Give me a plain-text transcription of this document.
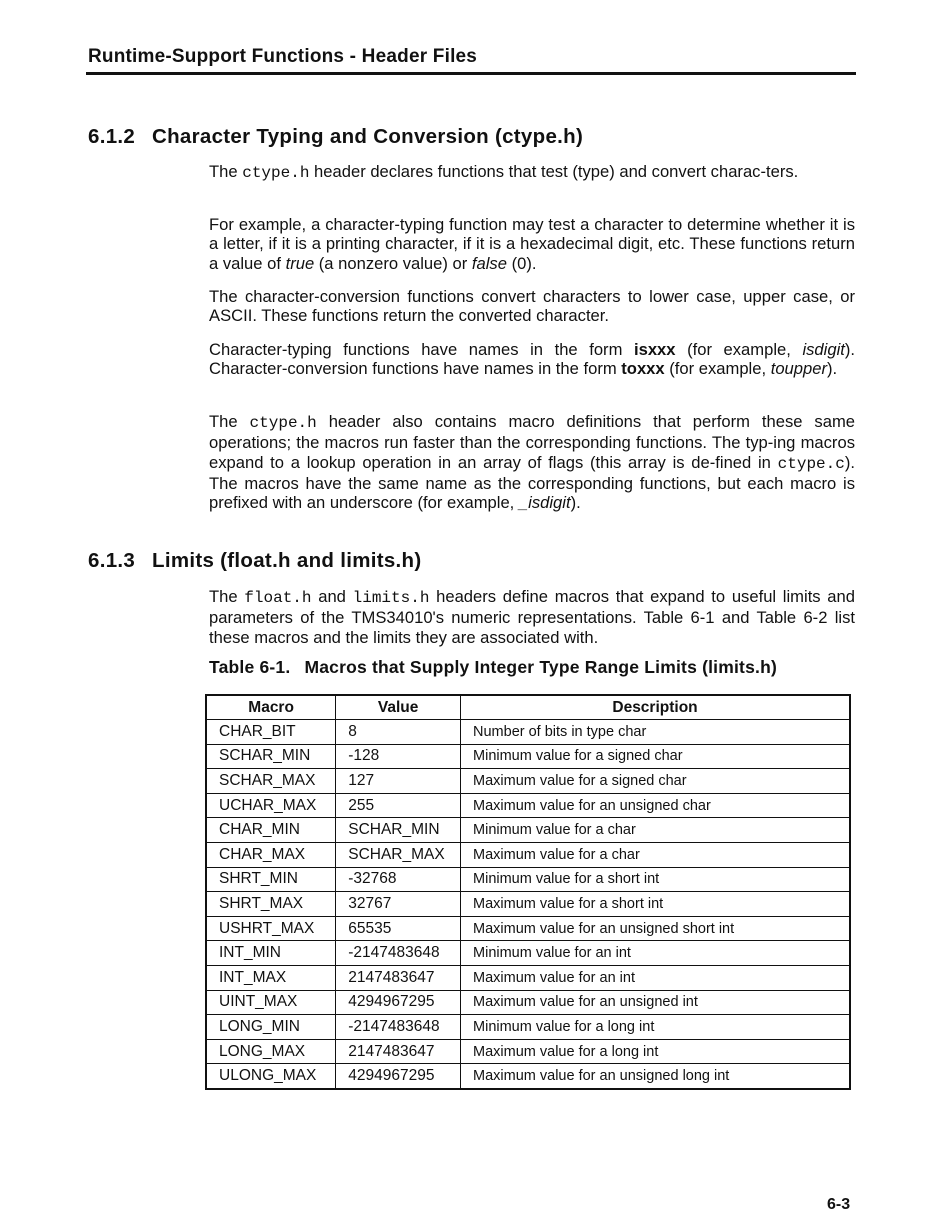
Runtime-Support Functions - Header Files
6.1.2 Character Typing and Conversion (ctype.h)

The ctype.h header declares functions that test (type) and convert charac-ters.

For example, a character-typing function may test a character to determine whether it is a letter, if it is a printing character, if it is a hexadecimal digit, etc. These functions return a value of true (a nonzero value) or false (0).

The character-conversion functions convert characters to lower case, upper case, or ASCII. These functions return the converted character.

Character-typing functions have names in the form isxxx (for example, isdigit). Character-conversion functions have names in the form toxxx (for example, toupper).

The ctype.h header also contains macro definitions that perform these same operations; the macros run faster than the corresponding functions. The typ-ing macros expand to a lookup operation in an array of flags (this array is de-fined in ctype.c). The macros have the same name as the corresponding functions, but each macro is prefixed with an underscore (for example, _isdigit).

6.1.3 Limits (float.h and limits.h)

The float.h and limits.h headers define macros that expand to useful limits and parameters of the TMS34010's numeric representations. Table 6-1 and Table 6-2 list these macros and the limits they are associated with.

Table 6-1. Macros that Supply Integer Type Range Limits (limits.h)
Macro	Value	Description
CHAR_BIT	8	Number of bits in type char
SCHAR_MIN	-128	Minimum value for a signed char
SCHAR_MAX	127	Maximum value for a signed char
UCHAR_MAX	255	Maximum value for an unsigned char
CHAR_MIN	SCHAR_MIN	Minimum value for a char
CHAR_MAX	SCHAR_MAX	Maximum value for a char
SHRT_MIN	-32768	Minimum value for a short int
SHRT_MAX	32767	Maximum value for a short int
USHRT_MAX	65535	Maximum value for an unsigned short int
INT_MIN	-2147483648	Minimum value for an int
INT_MAX	2147483647	Maximum value for an int
UINT_MAX	4294967295	Maximum value for an unsigned int
LONG_MIN	-2147483648	Minimum value for a long int
LONG_MAX	2147483647	Maximum value for a long int
ULONG_MAX	4294967295	Maximum value for an unsigned long int
6-3
